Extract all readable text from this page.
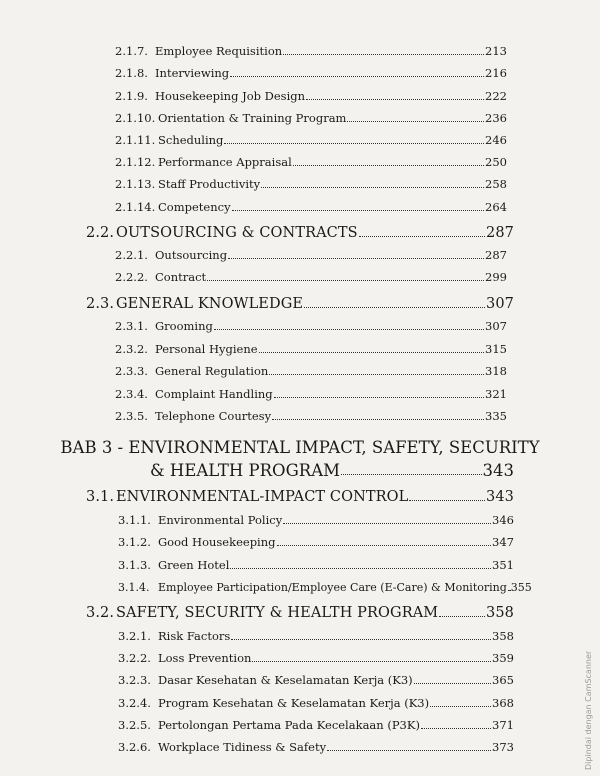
2.1.7. Employee Requisition	213
2.1.8. Interviewing	216
2.1.9. Housekeeping Job Design	222
2.1.10. Orientation & Training Program	236
2.1.11. Scheduling	246
2.1.12. Performance Appraisal	250
2.1.13. Staff Productivity	258
2.1.14. Competency	264
2.2. OUTSOURCING & CONTRACTS	287
2.2.1. Outsourcing	287
2.2.2. Contract	299
2.3. GENERAL KNOWLEDGE	307
2.3.1. Grooming	307
2.3.2. Personal Hygiene	315
2.3.3. General Regulation	318
2.3.4. Complaint Handling	321
2.3.5. Telephone Courtesy	335
BAB 3 - ENVIRONMENTAL IMPACT, SAFETY, SECURITY
& HEALTH PROGRAM	343
3.1. ENVIRONMENTAL-IMPACT CONTROL	343
3.1.1. Environmental Policy	346
3.1.2. Good Housekeeping	347
3.1.3. Green Hotel	351
3.1.4. Employee Participation/Employee Care (E-Care) & Monitoring 355
3.2. SAFETY, SECURITY & HEALTH PROGRAM	358
3.2.1. Risk Factors	358
3.2.2. Loss Prevention	359
3.2.3. Dasar Kesehatan & Keselamatan Kerja (K3)	365
3.2.4. Program Kesehatan & Keselamatan Kerja (K3)	368
3.2.5. Pertolongan Pertama Pada Kecelakaan (P3K)	371
3.2.6. Workplace Tidiness & Safety	373	Dipindai dengan CamScanner
